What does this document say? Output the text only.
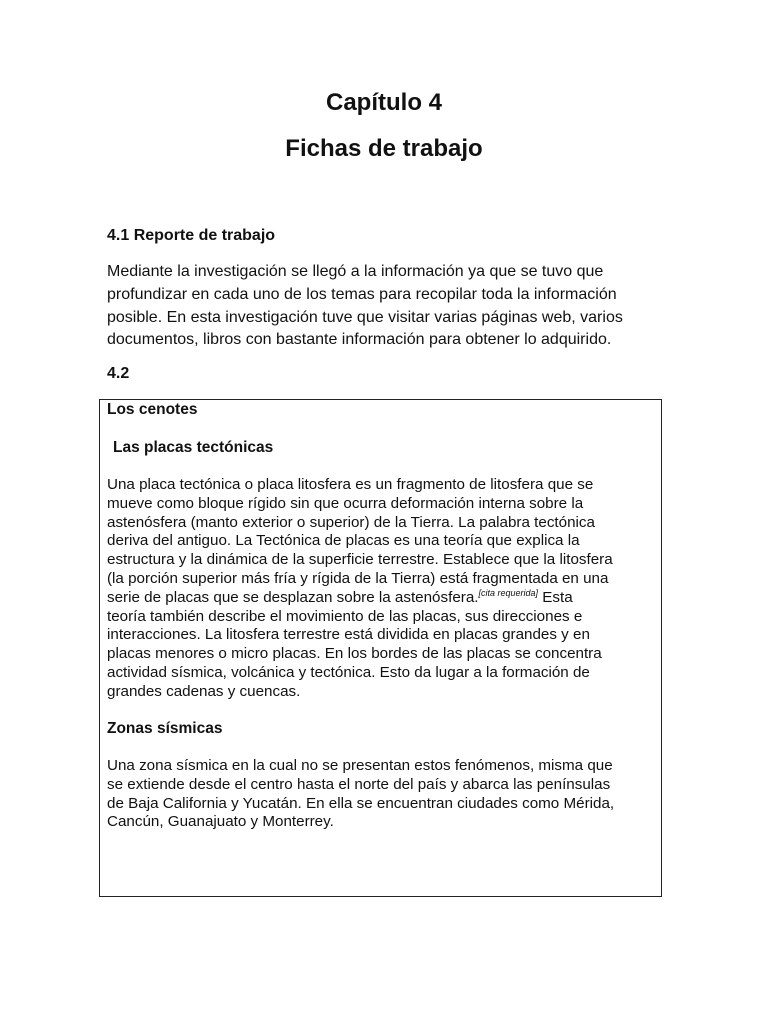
Capítulo 4
Fichas de trabajo
4.1 Reporte de trabajo

Mediante la investigación se llegó a la información ya que se tuvo que
profundizar en cada uno de los temas para recopilar toda la información
posible. En esta investigación tuve que visitar varias páginas web, varios
documentos, libros con bastante información para obtener lo adquirido.

4.2
Los cenotes
Las placas tectónicas

Una placa tectónica o placa litosfera es un fragmento de litosfera que se
mueve como bloque rígido sin que ocurra deformación interna sobre la
astenósfera (manto exterior o superior) de la Tierra. La palabra tectónica
deriva del antiguo. La Tectónica de placas es una teoría que explica la
estructura y la dinámica de la superficie terrestre. Establece que la litosfera
(la porción superior más fría y rígida de la Tierra) está fragmentada en una
serie de placas que se desplazan sobre la astenósfera.[cita requerida] Esta
teoría también describe el movimiento de las placas, sus direcciones e
interacciones. La litosfera terrestre está dividida en placas grandes y en
placas menores o micro placas. En los bordes de las placas se concentra
actividad sísmica, volcánica y tectónica. Esto da lugar a la formación de
grandes cadenas y cuencas.

Zonas sísmicas

Una zona sísmica en la cual no se presentan estos fenómenos, misma que
se extiende desde el centro hasta el norte del país y abarca las penínsulas
de Baja California y Yucatán. En ella se encuentran ciudades como Mérida,
Cancún, Guanajuato y Monterrey.
